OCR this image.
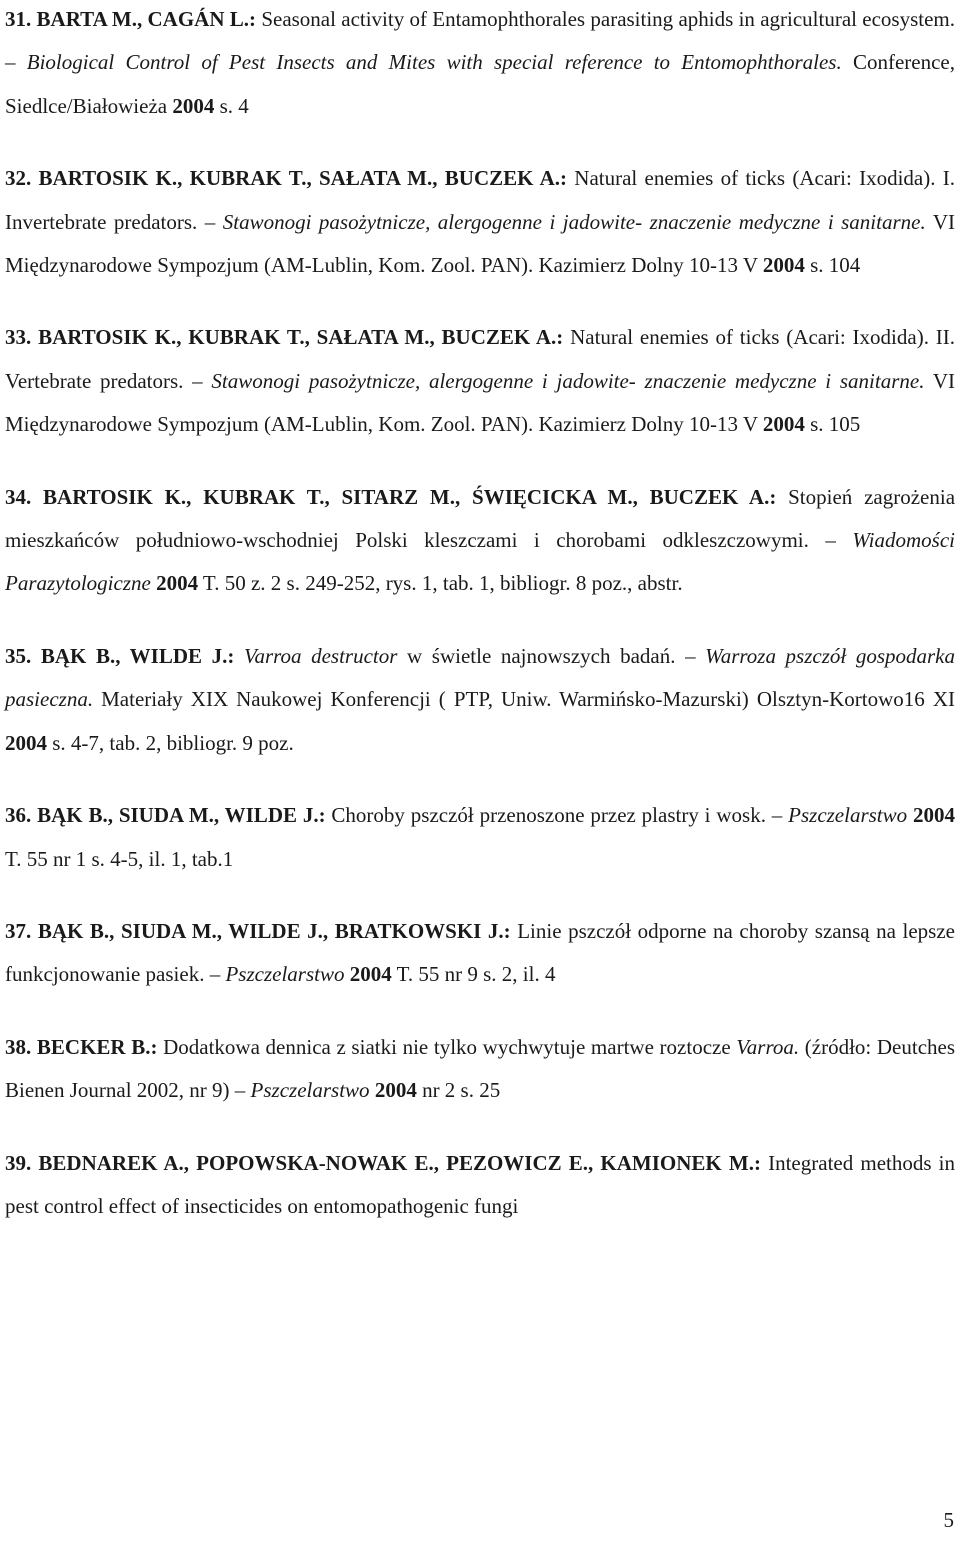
31. BARTA M., CAGÁN L.: Seasonal activity of Entamophthorales parasiting aphids in agricultural ecosystem. – Biological Control of Pest Insects and Mites with special reference to Entomophthorales. Conference, Siedlce/Białowieża 2004 s. 4

32. BARTOSIK K., KUBRAK T., SAŁATA M., BUCZEK A.: Natural enemies of ticks (Acari: Ixodida). I. Invertebrate predators. – Stawonogi pasożytnicze, alergogenne i jadowite- znaczenie medyczne i sanitarne. VI Międzynarodowe Sympozjum (AM-Lublin, Kom. Zool. PAN). Kazimierz Dolny 10-13 V 2004 s. 104

33. BARTOSIK K., KUBRAK T., SAŁATA M., BUCZEK A.: Natural enemies of ticks (Acari: Ixodida). II. Vertebrate predators. – Stawonogi pasożytnicze, alergogenne i jadowite- znaczenie medyczne i sanitarne. VI Międzynarodowe Sympozjum (AM-Lublin, Kom. Zool. PAN). Kazimierz Dolny 10-13 V 2004 s. 105

34. BARTOSIK K., KUBRAK T., SITARZ M., ŚWIĘCICKA M., BUCZEK A.: Stopień zagrożenia mieszkańców południowo-wschodniej Polski kleszczami i chorobami odkleszczowymi. – Wiadomości Parazytologiczne 2004 T. 50 z. 2 s. 249-252, rys. 1, tab. 1, bibliogr. 8 poz., abstr.

35. BĄK B., WILDE J.: Varroa destructor w świetle najnowszych badań. – Warroza pszczół gospodarka pasieczna. Materiały XIX Naukowej Konferencji ( PTP, Uniw. Warmińsko-Mazurski) Olsztyn-Kortowo16 XI 2004 s. 4-7, tab. 2, bibliogr. 9 poz.

36. BĄK B., SIUDA M., WILDE J.: Choroby pszczół przenoszone przez plastry i wosk. – Pszczelarstwo 2004 T. 55 nr 1 s. 4-5, il. 1, tab.1

37. BĄK B., SIUDA M., WILDE J., BRATKOWSKI J.: Linie pszczół odporne na choroby szansą na lepsze funkcjonowanie pasiek. – Pszczelarstwo 2004 T. 55 nr 9 s. 2, il. 4

38. BECKER B.: Dodatkowa dennica z siatki nie tylko wychwytuje martwe roztocze Varroa. (źródło: Deutches Bienen Journal 2002, nr 9) – Pszczelarstwo 2004 nr 2 s. 25

39. BEDNAREK A., POPOWSKA-NOWAK E., PEZOWICZ E., KAMIONEK M.: Integrated methods in pest control effect of insecticides on entomopathogenic fungi

5
